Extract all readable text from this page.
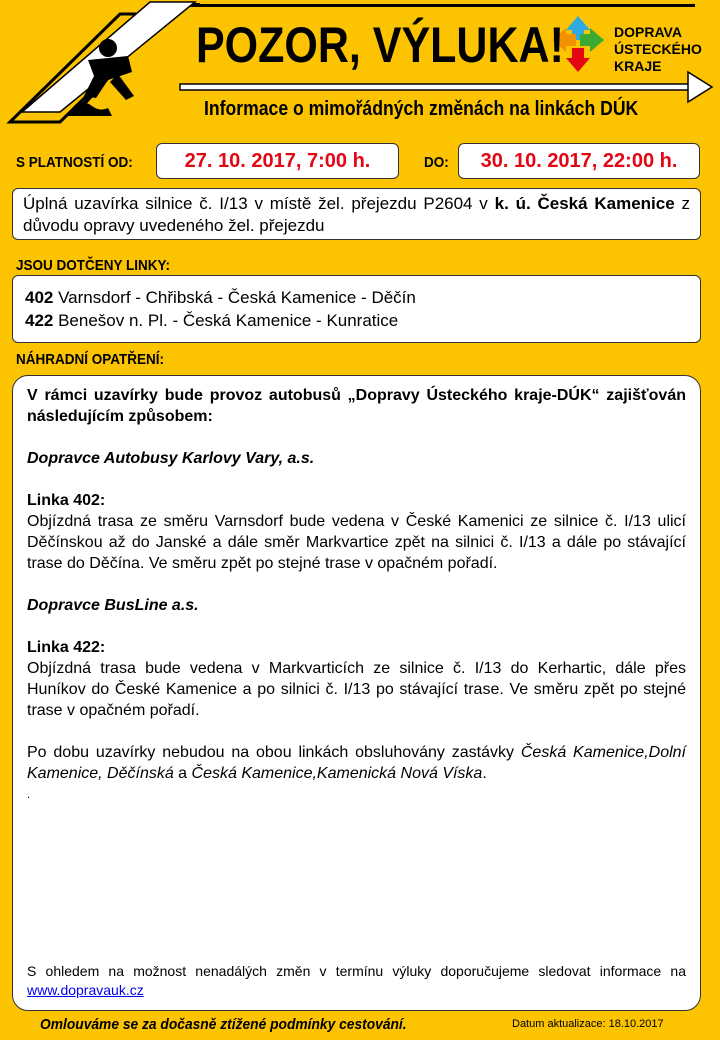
POZOR, VÝLUKA!	DOPRAVA
ÚSTECKÉHO
KRAJE
Informace o mimořádných změnách na linkách DÚK
S PLATNOSTÍ OD:	27. 10. 2017, 7:00 h.	DO:	30. 10. 2017, 22:00 h.
Úplná uzavírka silnice č. I/13 v místě žel. přejezdu P2604 v k. ú. Česká Kamenice z důvodu opravy uvedeného žel. přejezdu
JSOU DOTČENY LINKY:
402 Varnsdorf - Chřibská - Česká Kamenice - Děčín
422 Benešov n. Pl. - Česká Kamenice - Kunratice
NÁHRADNÍ OPATŘENÍ:

V rámci uzavírky bude provoz autobusů „Dopravy Ústeckého kraje-DÚK“ zajišťován následujícím způsobem:

Dopravce Autobusy Karlovy Vary, a.s.

Linka 402:

Objízdná trasa ze směru Varnsdorf bude vedena v České Kamenici ze silnice č. I/13 ulicí Děčínskou až do Janské a dále směr Markvartice zpět na silnici č. I/13 a dále po stávající trase do Děčína. Ve směru zpět po stejné trase v opačném pořadí.

Dopravce BusLine a.s.

Linka 422:

Objízdná trasa bude vedena v Markvarticích ze silnice č. I/13 do Kerhartic, dále přes Huníkov do České Kamenice a po silnici č. I/13 po stávající trase. Ve směru zpět po stejné trase v opačném pořadí.

Po dobu uzavírky nebudou na obou linkách obsluhovány zastávky Česká Kamenice,Dolní Kamenice, Děčínská a Česká Kamenice,Kamenická Nová Víska.

.

S ohledem na možnost nenadálých změn v termínu výluky doporučujeme sledovat informace na www.dopravauk.cz

Omlouváme se za dočasně ztížené podmínky cestování.	Datum aktualizace: 18.10.2017
